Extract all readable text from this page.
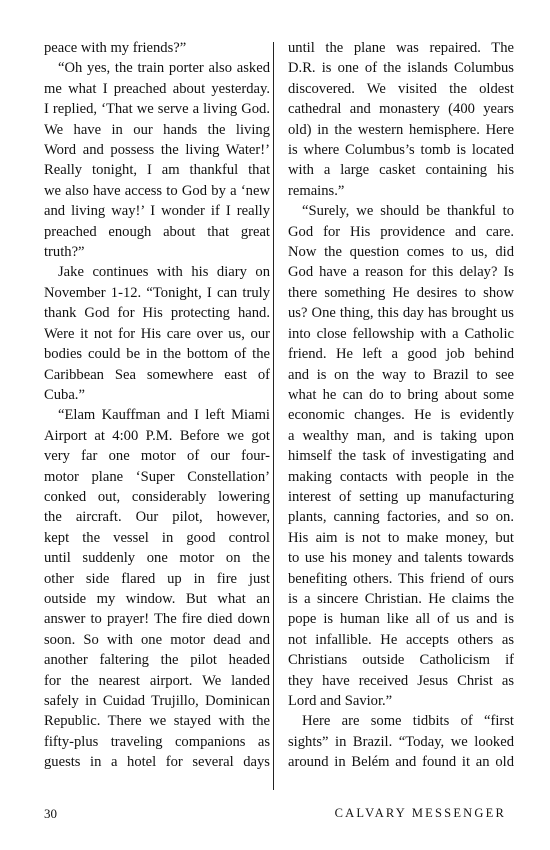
peace with my friends?”
“Oh yes, the train porter also asked
me what I preached about yesterday.
I replied, ‘That we serve a living God.
We have in our hands the living
Word and possess the living Water!’
Really tonight, I am thankful that
we also have access to God by a ‘new
and living way!’ I wonder if I really
preached enough about that great
truth?”
Jake continues with his diary on
November 1-12. “Tonight, I can truly
thank God for His protecting hand.
Were it not for His care over us, our
bodies could be in the bottom of the
Caribbean Sea somewhere east of
Cuba.”
“Elam Kauffman and I left Miami
Airport at 4:00 P.M. Before we got
very far one motor of our four-
motor plane ‘Super Constellation’
conked out, considerably lowering
the aircraft. Our pilot, however,
kept the vessel in good control
until suddenly one motor on the
other side flared up in fire just
outside my window. But what an
answer to prayer! The fire died down
soon. So with one motor dead and
another faltering the pilot headed
for the nearest airport. We landed
safely in Cuidad Trujillo, Dominican
Republic. There we stayed with the
fifty-plus traveling companions as
guests in a hotel for several days
until the plane was repaired. The
D.R. is one of the islands Columbus
discovered. We visited the oldest
cathedral and monastery (400 years
old) in the western hemisphere. Here
is where Columbus’s tomb is located
with a large casket containing his
remains.”
“Surely, we should be thankful to
God for His providence and care.
Now the question comes to us, did
God have a reason for this delay? Is
there something He desires to show
us? One thing, this day has brought us
into close fellowship with a Catholic
friend. He left a good job behind
and is on the way to Brazil to see
what he can do to bring about some
economic changes. He is evidently
a wealthy man, and is taking upon
himself the task of investigating and
making contacts with people in the
interest of setting up manufacturing
plants, canning factories, and so on.
His aim is not to make money, but
to use his money and talents towards
benefiting others. This friend of ours
is a sincere Christian. He claims the
pope is human like all of us and is
not infallible. He accepts others as
Christians outside Catholicism if
they have received Jesus Christ as
Lord and Savior.”
Here are some tidbits of “first
sights” in Brazil. “Today, we looked
around in Belém and found it an old
30	CALVARY MESSENGER
